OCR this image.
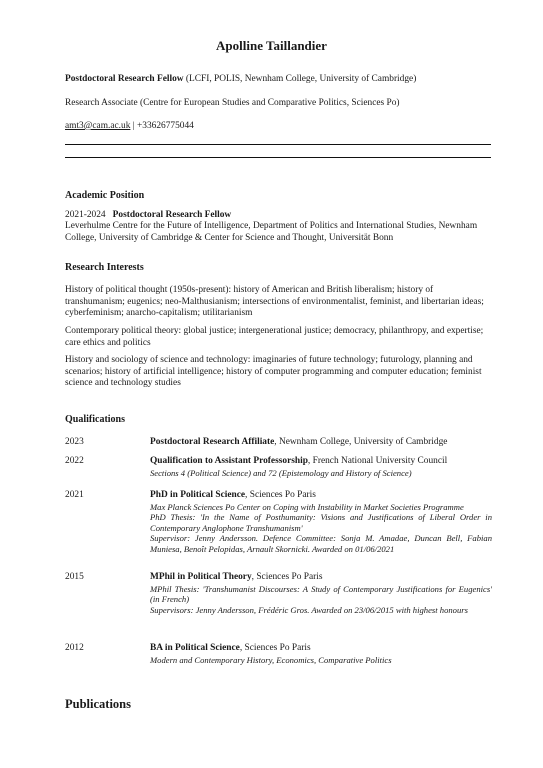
Apolline Taillandier
Postdoctoral Research Fellow (LCFI, POLIS, Newnham College, University of Cambridge)
Research Associate (Centre for European Studies and Comparative Politics, Sciences Po)
amt3@cam.ac.uk | +33626775044
Academic Position
2021-2024 Postdoctoral Research Fellow
Leverhulme Centre for the Future of Intelligence, Department of Politics and International Studies, Newnham College, University of Cambridge & Center for Science and Thought, Universität Bonn
Research Interests
History of political thought (1950s-present): history of American and British liberalism; history of transhumanism; eugenics; neo-Malthusianism; intersections of environmentalist, feminist, and libertarian ideas; cyberfeminism; anarcho-capitalism; utilitarianism
Contemporary political theory: global justice; intergenerational justice; democracy, philanthropy, and expertise; care ethics and politics
History and sociology of science and technology: imaginaries of future technology; futurology, planning and scenarios; history of artificial intelligence; history of computer programming and computer education; feminist science and technology studies
Qualifications
2023	Postdoctoral Research Affiliate, Newnham College, University of Cambridge
2022	Qualification to Assistant Professorship, French National University Council
Sections 4 (Political Science) and 72 (Epistemology and History of Science)
2021	PhD in Political Science, Sciences Po Paris
Max Planck Sciences Po Center on Coping with Instability in Market Societies Programme
PhD Thesis: 'In the Name of Posthumanity: Visions and Justifications of Liberal Order in Contemporary Anglophone Transhumanism'
Supervisor: Jenny Andersson. Defence Committee: Sonja M. Amadae, Duncan Bell, Fabian Muniesa, Benoît Pelopidas, Arnault Skornicki. Awarded on 01/06/2021
2015	MPhil in Political Theory, Sciences Po Paris
MPhil Thesis: 'Transhumanist Discourses: A Study of Contemporary Justifications for Eugenics' (in French)
Supervisors: Jenny Andersson, Frédéric Gros. Awarded on 23/06/2015 with highest honours
2012	BA in Political Science, Sciences Po Paris
Modern and Contemporary History, Economics, Comparative Politics
Publications
